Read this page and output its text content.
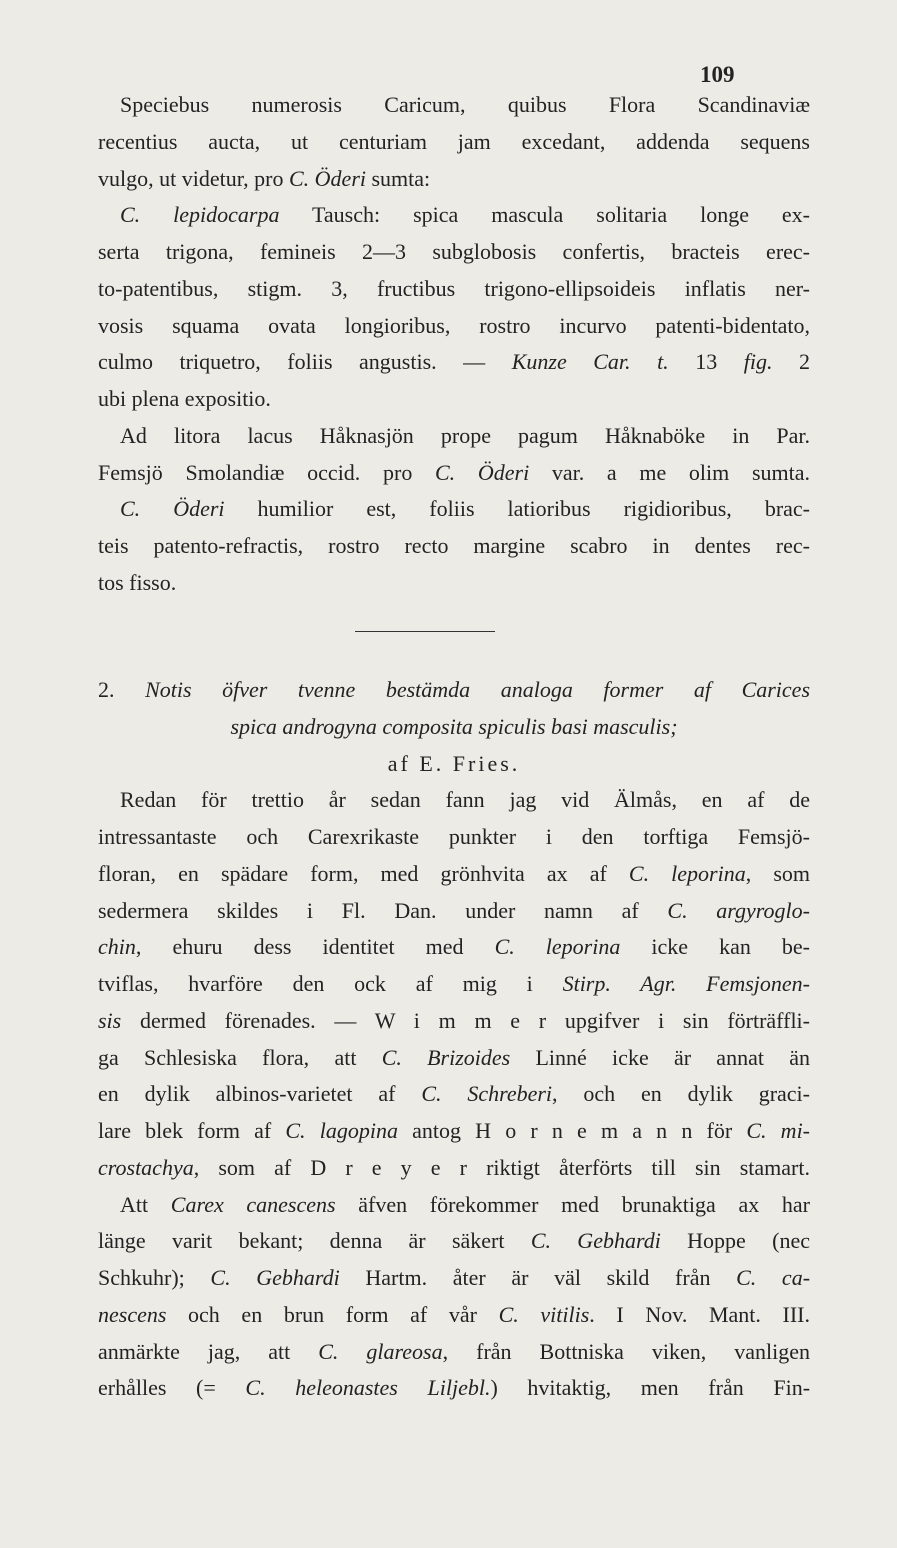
109
Speciebus numerosis Caricum, quibus Flora Scandinaviæ
recentius aucta, ut centuriam jam excedant, addenda sequens
vulgo, ut videtur, pro C. Öderi sumta:
C. lepidocarpa Tausch: spica mascula solitaria longe ex-
serta trigona, femineis 2—3 subglobosis confertis, bracteis erec-
to-patentibus, stigm. 3, fructibus trigono-ellipsoideis inflatis ner-
vosis squama ovata longioribus, rostro incurvo patenti-bidentato,
culmo triquetro, foliis angustis. — Kunze Car. t. 13 fig. 2
ubi plena expositio.
Ad litora lacus Håknasjön prope pagum Håknaböke in Par.
Femsjö Smolandiæ occid. pro C. Öderi var. a me olim sumta.
C. Öderi humilior est, foliis latioribus rigidioribus, brac-
teis patento-refractis, rostro recto margine scabro in dentes rec-
tos fisso.
2. Notis öfver tvenne bestämda analoga former af Carices
spica androgyna composita spiculis basi masculis;
af E. Fries.
Redan för trettio år sedan fann jag vid Älmås, en af de
intressantaste och Carexrikaste punkter i den torftiga Femsjö-
floran, en spädare form, med grönhvita ax af C. leporina, som
sedermera skildes i Fl. Dan. under namn af C. argyroglo-
chin, ehuru dess identitet med C. leporina icke kan be-
tviflas, hvarföre den ock af mig i Stirp. Agr. Femsjonen-
sis dermed förenades. — W i m m e r upgifver i sin förträffli-
ga Schlesiska flora, att C. Brizoides Linné icke är annat än
en dylik albinos-varietet af C. Schreberi, och en dylik graci-
lare blek form af C. lagopina antog H o r n e m a n n för C. mi-
crostachya, som af D r e y e r riktigt återförts till sin stamart.
Att Carex canescens äfven förekommer med brunaktiga ax har
länge varit bekant; denna är säkert C. Gebhardi Hoppe (nec
Schkuhr); C. Gebhardi Hartm. åter är väl skild från C. ca-
nescens och en brun form af vår C. vitilis. I Nov. Mant. III.
anmärkte jag, att C. glareosa, från Bottniska viken, vanligen
erhålles (= C. heleonastes Liljebl.) hvitaktig, men från Fin-
